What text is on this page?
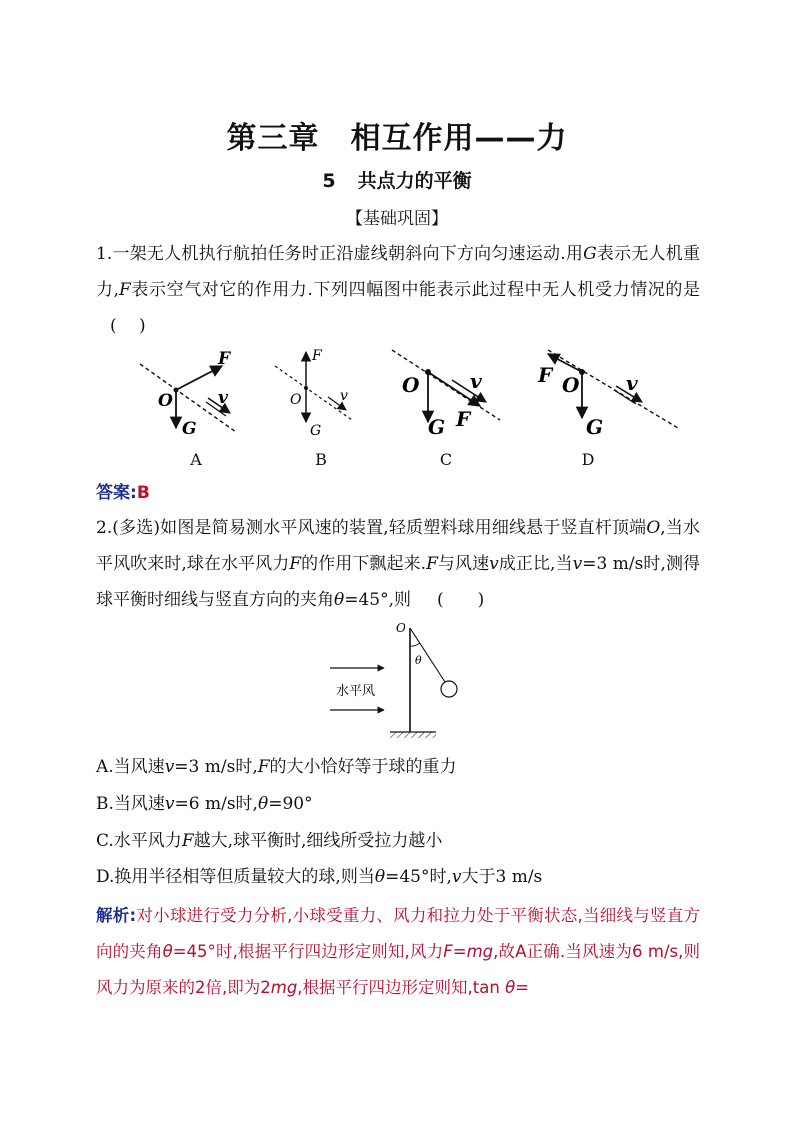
第三章　相互作用——力
5 共点力的平衡
【基础巩固】
1.一架无人机执行航拍任务时正沿虚线朝斜向下方向匀速运动.用G表示无人机重力,F表示空气对它的作用力.下列四幅图中能表示此过程中无人机受力情况的是(　 )
F
O
G
v
F
O
G
v	O
G F
v	F O
G
v
A	B	C	D
答案:B
2.(多选)如图是简易测水平风速的装置,轻质塑料球用细线悬于竖直杆顶端O,当水平风吹来时,球在水平风力F的作用下飘起来.F与风速v成正比,当v=3 m/s时,测得球平衡时细线与竖直方向的夹角θ=45°,则 (　　)
水平风
O
θ
A.当风速v=3 m/s时,F的大小恰好等于球的重力
B.当风速v=6 m/s时,θ=90°
C.水平风力F越大,球平衡时,细线所受拉力越小
D.换用半径相等但质量较大的球,则当θ=45°时,v大于3 m/s
解析:对小球进行受力分析,小球受重力、风力和拉力处于平衡状态,当细线与竖直方向的夹角θ=45°时,根据平行四边形定则知,风力F=mg,故A正确.当风速为6 m/s,则风力为原来的2倍,即为2mg,根据平行四边形定则知,tan θ=
